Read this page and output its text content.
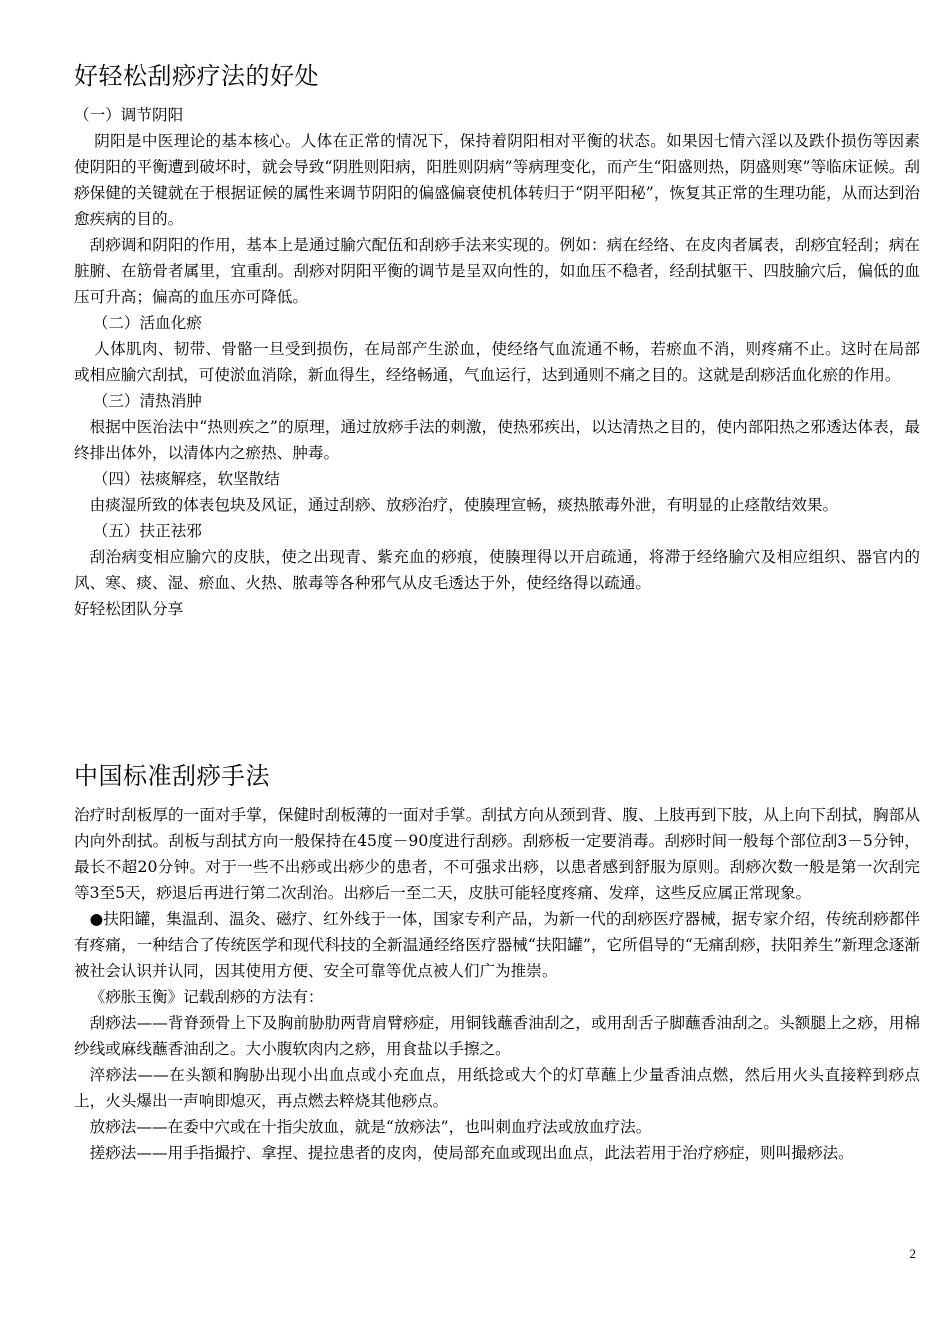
好轻松刮痧疗法的好处
（一）调节阴阳

阴阳是中医理论的基本核心。人体在正常的情况下，保持着阴阳相对平衡的状态。如果因七情六淫以及跌仆损伤等因素使阴阳的平衡遭到破坏时，就会导致“阴胜则阳病，阳胜则阴病”等病理变化，而产生“阳盛则热，阴盛则寒”等临床证候。刮痧保健的关键就在于根据证候的属性来调节阴阳的偏盛偏衰使机体转归于“阴平阳秘”，恢复其正常的生理功能，从而达到治愈疾病的目的。

刮痧调和阴阳的作用，基本上是通过腧穴配伍和刮痧手法来实现的。例如：病在经络、在皮肉者属表，刮痧宜轻刮；病在脏腑、在筋骨者属里，宜重刮。刮痧对阴阳平衡的调节是呈双向性的，如血压不稳者，经刮拭躯干、四肢腧穴后，偏低的血压可升高；偏高的血压亦可降低。

（二）活血化瘀

人体肌肉、韧带、骨骼一旦受到损伤，在局部产生淤血，使经络气血流通不畅，若瘀血不消，则疼痛不止。这时在局部或相应腧穴刮拭，可使淤血消除，新血得生，经络畅通，气血运行，达到通则不痛之目的。这就是刮痧活血化瘀的作用。

（三）清热消肿

根据中医治法中“热则疾之”的原理，通过放痧手法的刺激，使热邪疾出，以达清热之目的，使内部阳热之邪透达体表，最终排出体外，以清体内之瘀热、肿毒。

（四）祛痰解痉，软坚散结

由痰湿所致的体表包块及风证，通过刮痧、放痧治疗，使腠理宣畅，痰热脓毒外泄，有明显的止痉散结效果。

（五）扶正祛邪

刮治病变相应腧穴的皮肤，使之出现青、紫充血的痧痕，使腠理得以开启疏通，将滞于经络腧穴及相应组织、器官内的风、寒、痰、湿、瘀血、火热、脓毒等各种邪气从皮毛透达于外，使经络得以疏通。

好轻松团队分享

中国标准刮痧手法

治疗时刮板厚的一面对手掌，保健时刮板薄的一面对手掌。刮拭方向从颈到背、腹、上肢再到下肢，从上向下刮拭，胸部从内向外刮拭。刮板与刮拭方向一般保持在45度－90度进行刮痧。刮痧板一定要消毒。刮痧时间一般每个部位刮3－5分钟，最长不超20分钟。对于一些不出痧或出痧少的患者，不可强求出痧，以患者感到舒服为原则。刮痧次数一般是第一次刮完等3至5天，痧退后再进行第二次刮治。出痧后一至二天，皮肤可能轻度疼痛、发痒，这些反应属正常现象。

●扶阳罐，集温刮、温灸、磁疗、红外线于一体，国家专利产品，为新一代的刮痧医疗器械，据专家介绍，传统刮痧都伴有疼痛，一种结合了传统医学和现代科技的全新温通经络医疗器械“扶阳罐”，它所倡导的“无痛刮痧，扶阳养生”新理念逐渐被社会认识并认同，因其使用方便、安全可靠等优点被人们广为推崇。

《痧胀玉衡》记载刮痧的方法有：

刮痧法——背脊颈骨上下及胸前胁肋两背肩臂痧症，用铜钱蘸香油刮之，或用刮舌子脚蘸香油刮之。头额腿上之痧，用棉纱线或麻线蘸香油刮之。大小腹软肉内之痧，用食盐以手擦之。

淬痧法——在头额和胸胁出现小出血点或小充血点，用纸捻或大个的灯草蘸上少量香油点燃，然后用火头直接粹到痧点上，火头爆出一声响即熄灭，再点燃去粹烧其他痧点。

放痧法——在委中穴或在十指尖放血，就是“放痧法”，也叫刺血疗法或放血疗法。

搓痧法——用手指撮拧、拿捏、提拉患者的皮肉，使局部充血或现出血点，此法若用于治疗痧症，则叫撮痧法。

2
